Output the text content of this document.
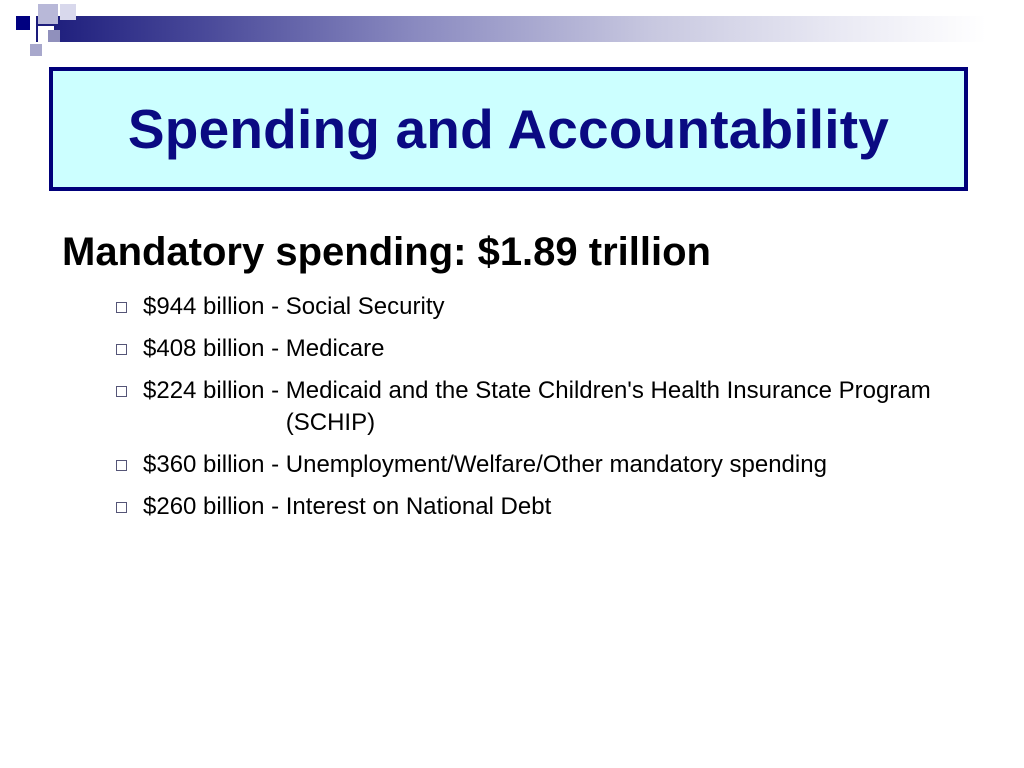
Spending and Accountability
Mandatory spending: $1.89 trillion
$944 billion - Social Security
$408 billion - Medicare
$224 billion - Medicaid and the State Children's Health Insurance Program (SCHIP)
$360 billion - Unemployment/Welfare/Other mandatory spending
$260 billion - Interest on National Debt
